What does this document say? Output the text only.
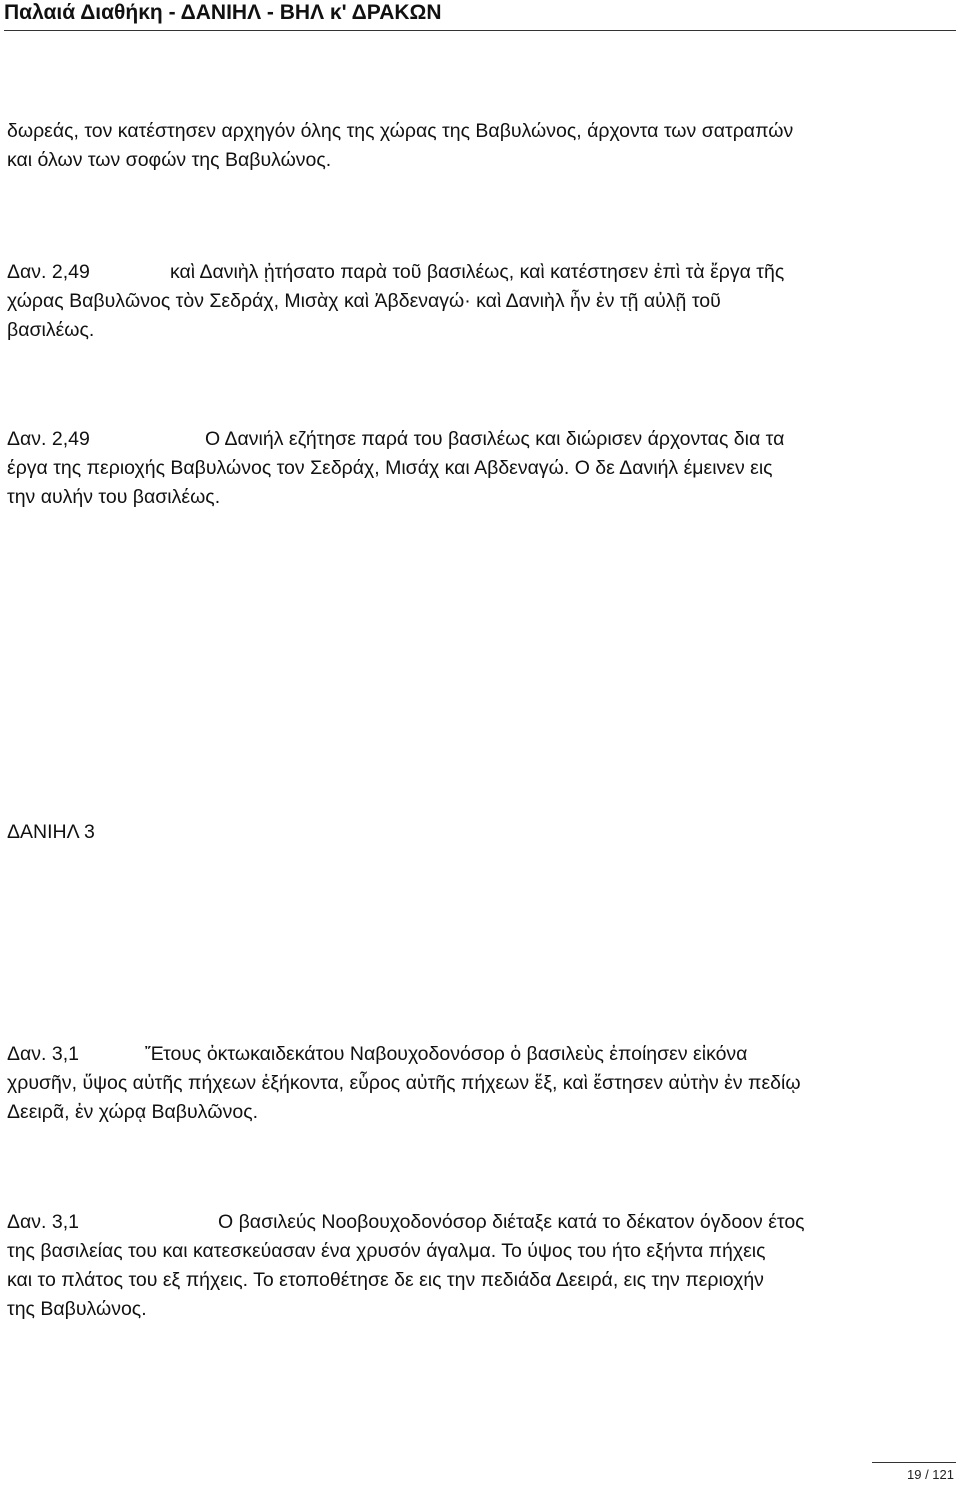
Παλαιά Διαθήκη - ΔΑΝΙΗΛ - ΒΗΛ κ' ΔΡΑΚΩΝ
δωρεάς, τον κατέστησεν αρχηγόν όλης της χώρας της Βαβυλώνος, άρχοντα των σατραπών
και όλων των σοφών της Βαβυλώνος.
Δαν. 2,49	καὶ Δανιὴλ ᾐτήσατο παρὰ τοῦ βασιλέως, καὶ κατέστησεν ἐπὶ τὰ ἔργα τῆς
χώρας Βαβυλῶνος τὸν Σεδράχ, Μισὰχ καὶ Ἀβδεναγώ· καὶ Δανιὴλ ἦν ἐν τῇ αὐλῇ τοῦ
βασιλέως.
Δαν. 2,49	Ο Δανιήλ εζήτησε παρά του βασιλέως και διώρισεν άρχοντας δια τα
έργα της περιοχής Βαβυλώνος τον Σεδράχ, Μισάχ και Αβδεναγώ. Ο δε Δανιήλ έμεινεν εις
την αυλήν του βασιλέως.
ΔΑΝΙΗΛ 3
Δαν. 3,1	Ἔτους ὀκτωκαιδεκάτου Ναβουχοδονόσορ ὁ βασιλεὺς ἐποίησεν εἰκόνα
χρυσῆν, ὕψος αὐτῆς πήχεων ἑξήκοντα, εὖρος αὐτῆς πήχεων ἕξ, καὶ ἔστησεν αὐτὴν ἐν πεδίῳ
Δεειρᾶ, ἐν χώρᾳ Βαβυλῶνος.
Δαν. 3,1	Ο βασιλεύς Νοοβουχοδονόσορ διέταξε κατά το δέκατον όγδοον έτος
της βασιλείας του και κατεσκεύασαν ένα χρυσόν άγαλμα. Το ύψος του ήτο εξήντα πήχεις
και το πλάτος του εξ πήχεις. Το ετοποθέτησε δε εις την πεδιάδα Δεειρά, εις την περιοχήν
της Βαβυλώνος.
19 / 121
